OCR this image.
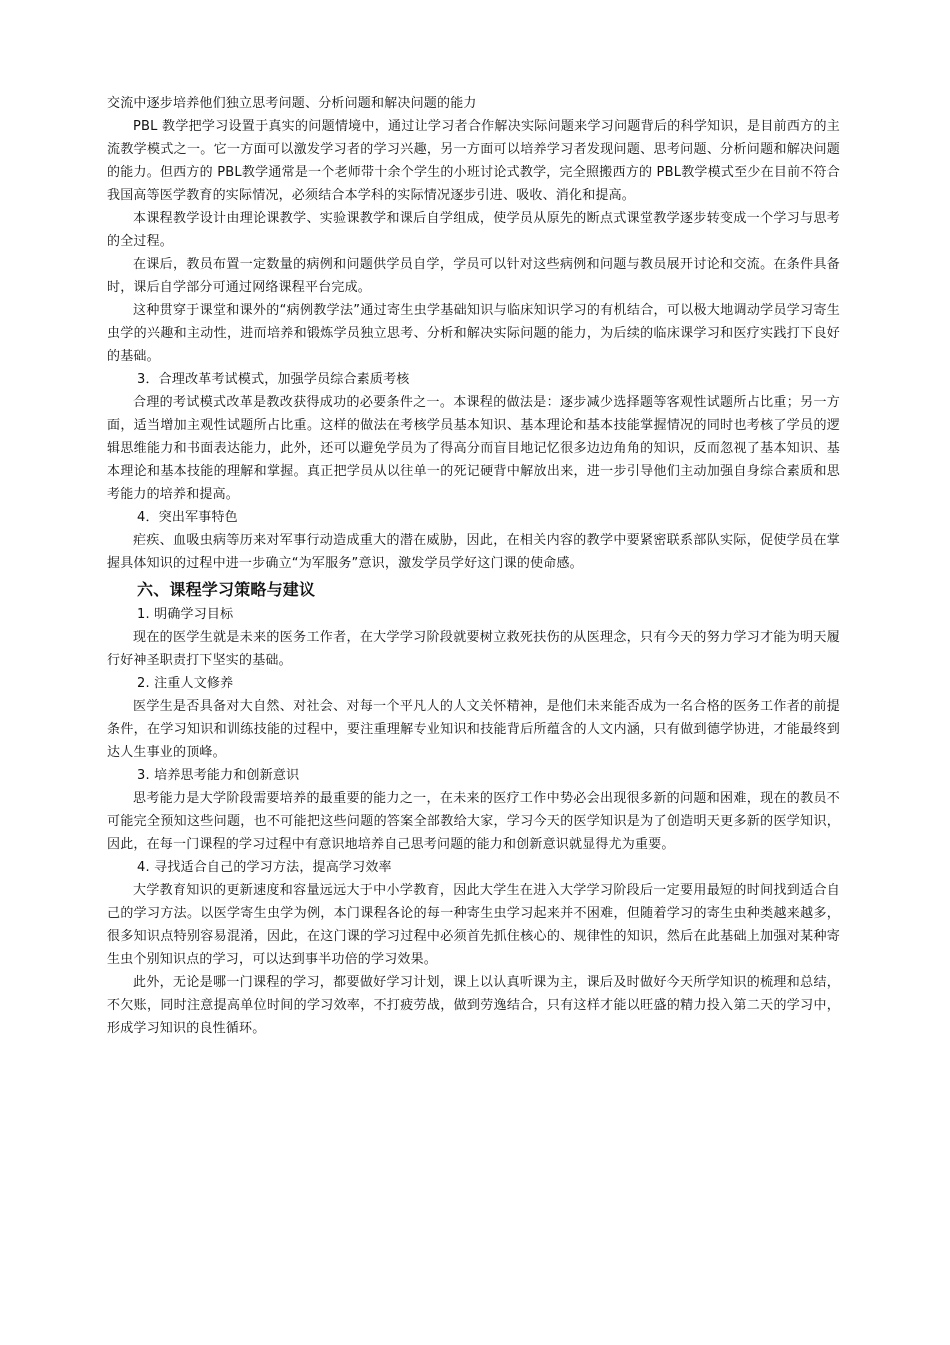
交流中逐步培养他们独立思考问题、分析问题和解决问题的能力

PBL 教学把学习设置于真实的问题情境中，通过让学习者合作解决实际问题来学习问题背后的科学知识，是目前西方的主流教学模式之一。它一方面可以激发学习者的学习兴趣，另一方面可以培养学习者发现问题、思考问题、分析问题和解决问题的能力。但西方的 PBL教学通常是一个老师带十余个学生的小班讨论式教学，完全照搬西方的 PBL教学模式至少在目前不符合我国高等医学教育的实际情况，必须结合本学科的实际情况逐步引进、吸收、消化和提高。

本课程教学设计由理论课教学、实验课教学和课后自学组成，使学员从原先的断点式课堂教学逐步转变成一个学习与思考的全过程。

在课后，教员布置一定数量的病例和问题供学员自学，学员可以针对这些病例和问题与教员展开讨论和交流。在条件具备时，课后自学部分可通过网络课程平台完成。

这种贯穿于课堂和课外的“病例教学法”通过寄生虫学基础知识与临床知识学习的有机结合，可以极大地调动学员学习寄生虫学的兴趣和主动性，进而培养和锻炼学员独立思考、分析和解决实际问题的能力，为后续的临床课学习和医疗实践打下良好的基础。

3．合理改革考试模式，加强学员综合素质考核

合理的考试模式改革是教改获得成功的必要条件之一。本课程的做法是：逐步减少选择题等客观性试题所占比重；另一方面，适当增加主观性试题所占比重。这样的做法在考核学员基本知识、基本理论和基本技能掌握情况的同时也考核了学员的逻辑思维能力和书面表达能力，此外，还可以避免学员为了得高分而盲目地记忆很多边边角角的知识，反而忽视了基本知识、基本理论和基本技能的理解和掌握。真正把学员从以往单一的死记硬背中解放出来，进一步引导他们主动加强自身综合素质和思考能力的培养和提高。

4．突出军事特色

疟疾、血吸虫病等历来对军事行动造成重大的潜在威胁，因此，在相关内容的教学中要紧密联系部队实际，促使学员在掌握具体知识的过程中进一步确立“为军服务”意识，激发学员学好这门课的使命感。

六、课程学习策略与建议

1. 明确学习目标

现在的医学生就是未来的医务工作者，在大学学习阶段就要树立救死扶伤的从医理念，只有今天的努力学习才能为明天履行好神圣职责打下坚实的基础。

2. 注重人文修养

医学生是否具备对大自然、对社会、对每一个平凡人的人文关怀精神，是他们未来能否成为一名合格的医务工作者的前提条件，在学习知识和训练技能的过程中，要注重理解专业知识和技能背后所蕴含的人文内涵，只有做到德学协进，才能最终到达人生事业的顶峰。

3. 培养思考能力和创新意识

思考能力是大学阶段需要培养的最重要的能力之一，在未来的医疗工作中势必会出现很多新的问题和困难，现在的教员不可能完全预知这些问题，也不可能把这些问题的答案全部教给大家，学习今天的医学知识是为了创造明天更多新的医学知识，因此，在每一门课程的学习过程中有意识地培养自己思考问题的能力和创新意识就显得尤为重要。

4. 寻找适合自己的学习方法，提高学习效率

大学教育知识的更新速度和容量远远大于中小学教育，因此大学生在进入大学学习阶段后一定要用最短的时间找到适合自己的学习方法。以医学寄生虫学为例，本门课程各论的每一种寄生虫学习起来并不困难，但随着学习的寄生虫种类越来越多，很多知识点特别容易混淆，因此，在这门课的学习过程中必须首先抓住核心的、规律性的知识，然后在此基础上加强对某种寄生虫个别知识点的学习，可以达到事半功倍的学习效果。

此外，无论是哪一门课程的学习，都要做好学习计划，课上以认真听课为主，课后及时做好今天所学知识的梳理和总结，不欠账，同时注意提高单位时间的学习效率，不打疲劳战，做到劳逸结合，只有这样才能以旺盛的精力投入第二天的学习中，形成学习知识的良性循环。
